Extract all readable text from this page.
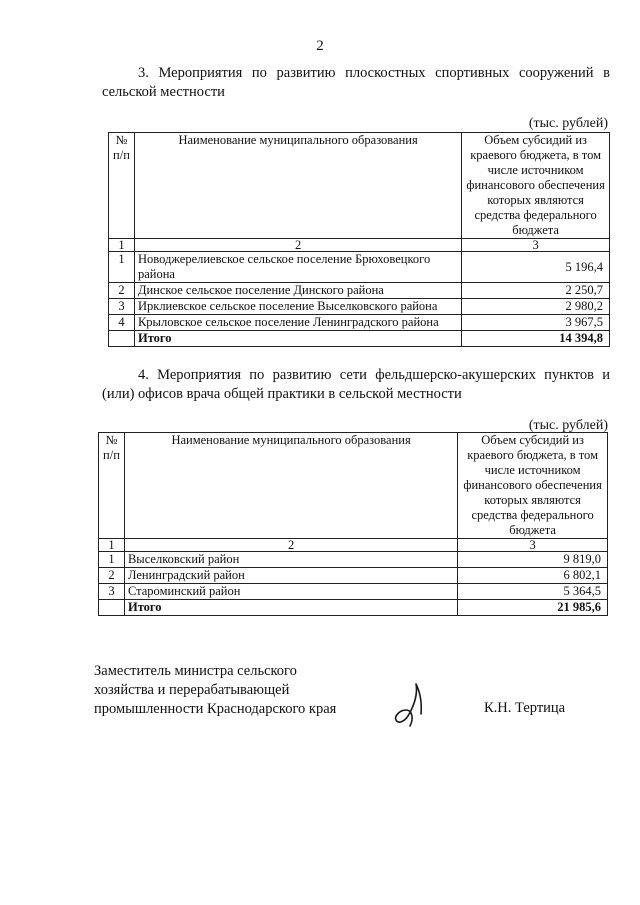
2
3. Мероприятия по развитию плоскостных спортивных сооружений в сельской местности
(тыс. рублей)
№ п/п	Наименование муниципального образования	Объем субсидий из краевого бюджета, в том числе источником финансового обеспечения которых являются средства федерального бюджета
1	2	3
1	Новоджерелиевское сельское поселение Брюховецкого района	5 196,4
2	Динское сельское поселение Динского района	2 250,7
3	Ирклиевское сельское поселение Выселковского района	2 980,2
4	Крыловское сельское поселение Ленинградского района	3 967,5
	Итого	14 394,8
4. Мероприятия по развитию сети фельдшерско-акушерских пунктов и (или) офисов врача общей практики в сельской местности
(тыс. рублей)
№ п/п	Наименование муниципального образования	Объем субсидий из краевого бюджета, в том числе источником финансового обеспечения которых являются средства федерального бюджета
1	2	3
1	Выселковский район	9 819,0
2	Ленинградский район	6 802,1
3	Староминский район	5 364,5
	Итого	21 985,6
Заместитель министра сельского
хозяйства и перерабатывающей
промышленности Краснодарского края	К.Н. Тертица
